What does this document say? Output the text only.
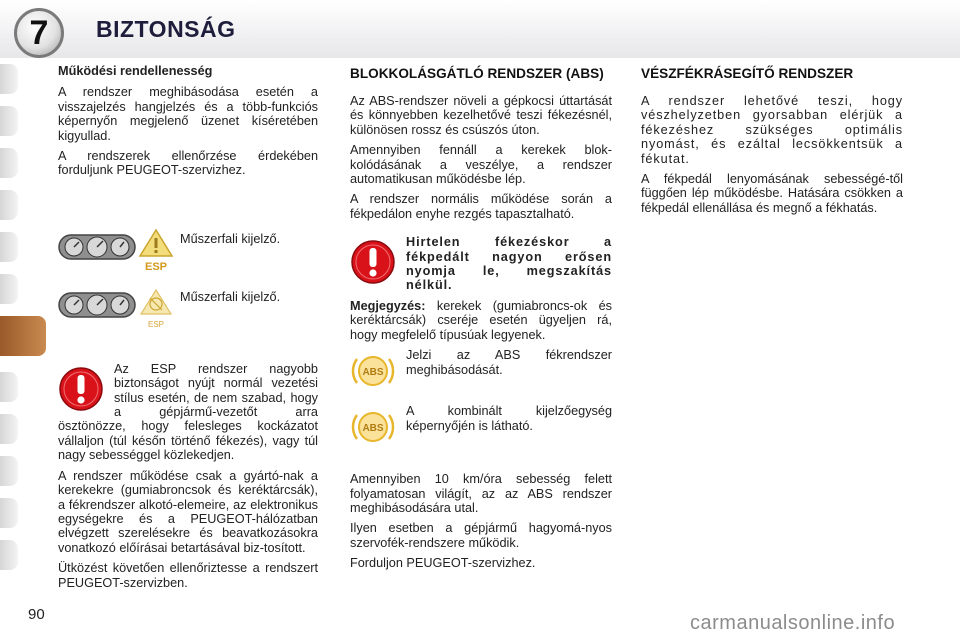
7	BIZTONSÁG

Működési rendellenesség

A rendszer meghibásodása esetén a visszajelzés hangjelzés és a több-funkciós képernyőn megjelenő üzenet kíséretében kigyullad.

A rendszerek ellenőrzése érdekében forduljunk PEUGEOT-szervizhez.

ESP
Műszerfali kijelző.
ESP
Műszerfali kijelző.

Az ESP rendszer nagyobb biztonságot nyújt normál vezetési stílus esetén, de nem szabad, hogy a gépjármű-vezetőt arra ösztönözze, hogy felesleges kockázatot vállaljon (túl későn történő fékezés), vagy túl nagy sebességgel közlekedjen.

A rendszer működése csak a gyártó-nak a kerekekre (gumiabroncsok és keréktárcsák), a fékrendszer alkotó-elemeire, az elektronikus egységekre és a PEUGEOT-hálózatban elvégzett szerelésekre és beavatkozásokra vonatkozó előírásai betartásával biz-tosított.

Ütközést követően ellenőriztesse a rendszert PEUGEOT-szervizben.

BLOKKOLÁSGÁTLÓ RENDSZER (ABS)

Az ABS-rendszer növeli a gépkocsi úttartását és könnyebben kezelhetővé teszi fékezésnél, különösen rossz és csúszós úton.

Amennyiben fennáll a kerekek blok-kolódásának a veszélye, a rendszer automatikusan működésbe lép.

A rendszer normális működése során a fékpedálon enyhe rezgés tapasztalható.

Hirtelen fékezéskor a fékpedált nagyon erősen nyomja le, megszakítás nélkül.

Megjegyzés: kerekek (gumiabroncs-ok és keréktárcsák) cseréje esetén ügyeljen rá, hogy megfelelő típusúak legyenek.

ABS
Jelzi az ABS fékrendszer meghibásodását.
ABS
A kombinált kijelzőegység képernyőjén is látható.

Amennyiben 10 km/óra sebesség felett folyamatosan világít, az az ABS rendszer meghibásodására utal.

Ilyen esetben a gépjármű hagyomá-nyos szervofék-rendszere működik.

Forduljon PEUGEOT-szervizhez.

VÉSZFÉKRÁSEGÍTŐ RENDSZER

A rendszer lehetővé teszi, hogy vészhelyzetben gyorsabban elérjük a fékezéshez szükséges optimális nyomást, és ezáltal lecsökkentsük a fékutat.

A fékpedál lenyomásának sebességé-től függően lép működésbe. Hatására csökken a fékpedál ellenállása és megnő a fékhatás.

90	carmanualsonline.info
